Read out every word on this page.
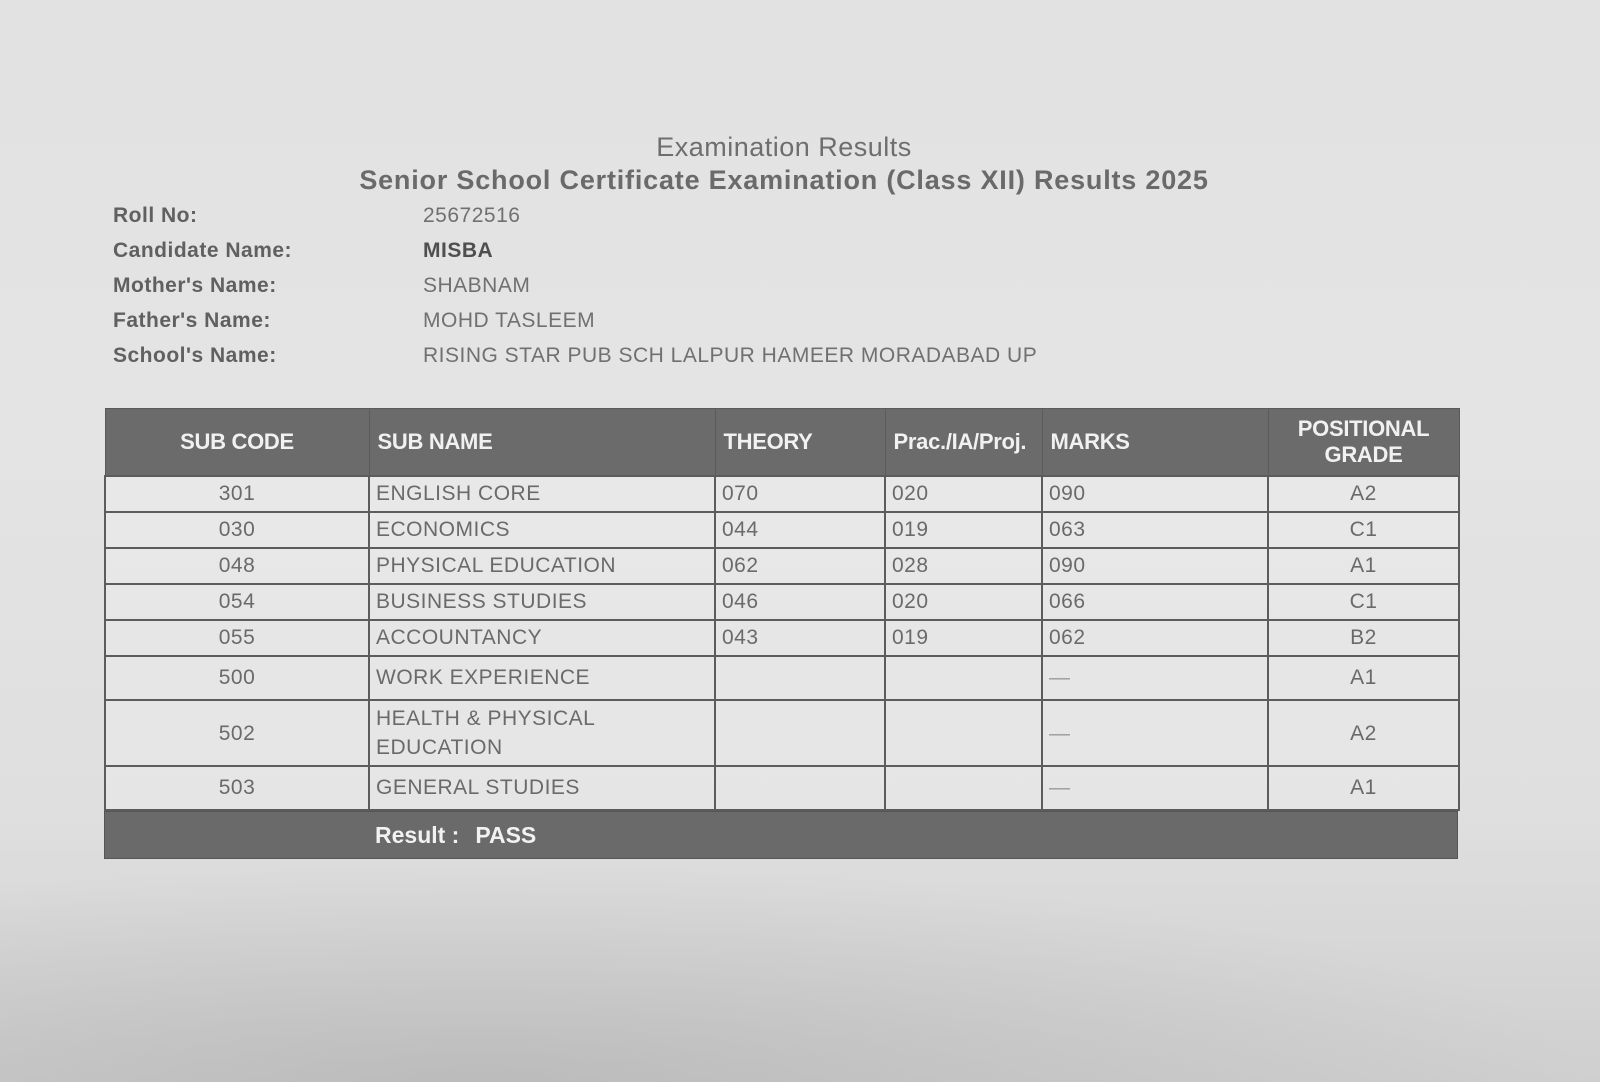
Examination Results
Senior School Certificate Examination (Class XII) Results 2025
Roll No:	25672516
Candidate Name:	MISBA
Mother's Name:	SHABNAM
Father's Name:	MOHD TASLEEM
School's Name:	RISING STAR PUB SCH LALPUR HAMEER MORADABAD UP
SUB CODE	SUB NAME	THEORY	Prac./IA/Proj.	MARKS	POSITIONAL
GRADE
301	ENGLISH CORE	070	020	090	A2
030	ECONOMICS	044	019	063	C1
048	PHYSICAL EDUCATION	062	028	090	A1
054	BUSINESS STUDIES	046	020	066	C1
055	ACCOUNTANCY	043	019	062	B2
500	WORK EXPERIENCE			—	A1
502	HEALTH & PHYSICAL EDUCATION			—	A2
503	GENERAL STUDIES			—	A1
Result : PASS
